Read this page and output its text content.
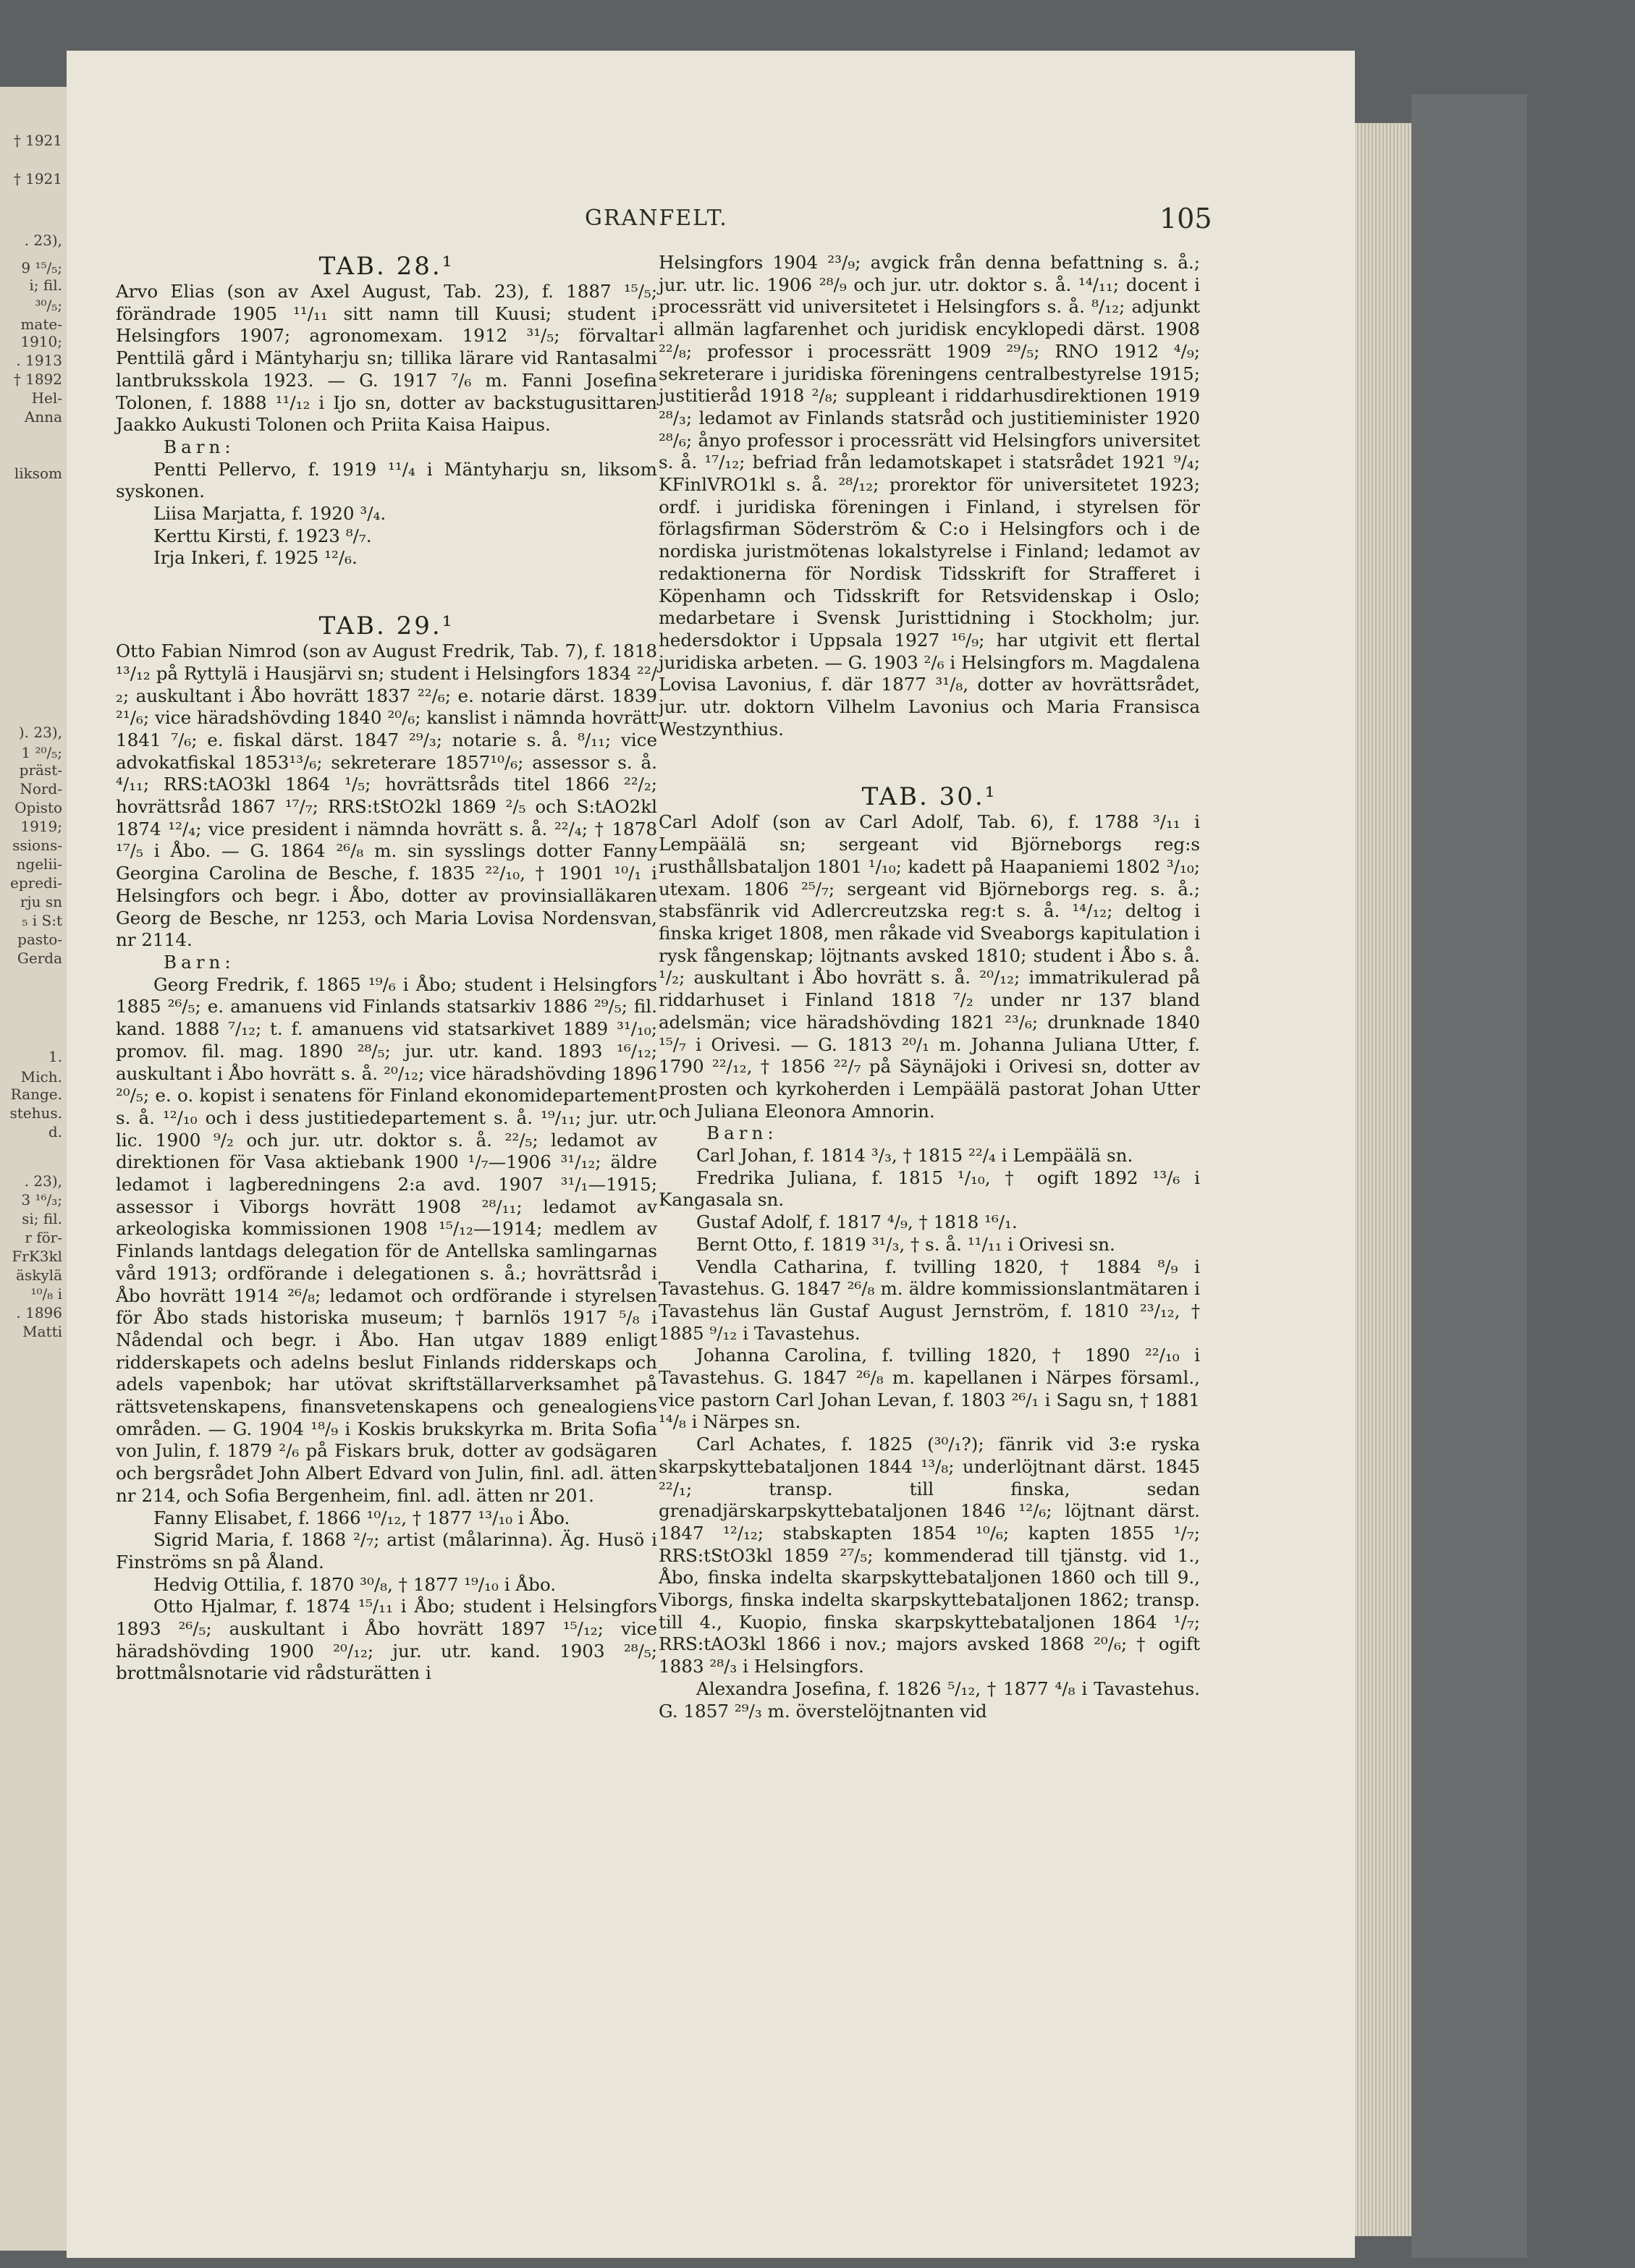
† 1921
† 1921
. 23),
9 ¹⁵/₅;
i; fil.
³⁰/₅;
mate-
1910;
. 1913
† 1892
Hel-
Anna
liksom
). 23),
1 ²⁰/₅;
präst-
Nord-
Opisto
1919;
ssions-
ngelii-
epredi-
rju sn
₅ i S:t
pasto-
Gerda
1.
Mich.
Range.
stehus.
d.
. 23),
3 ¹⁶/₃;
si; fil.
r för-
FrK3kl
äskylä
¹⁰/₈ i
. 1896
Matti
GRANFELT.	105

TAB. 28.¹

Arvo Elias (son av Axel August, Tab. 23), f. 1887 ¹⁵/₅; förändrade 1905 ¹¹/₁₁ sitt namn till Kuusi; student i Helsingfors 1907; agronomexam. 1912 ³¹/₅; förvaltar Penttilä gård i Mäntyharju sn; tillika lärare vid Rantasalmi lantbruksskola 1923. — G. 1917 ⁷/₆ m. Fanni Josefina Tolonen, f. 1888 ¹¹/₁₂ i Ijo sn, dotter av backstugusittaren Jaakko Aukusti Tolonen och Priita Kaisa Haipus.

Barn:

Pentti Pellervo, f. 1919 ¹¹/₄ i Mäntyharju sn, liksom syskonen.

Liisa Marjatta, f. 1920 ³/₄.

Kerttu Kirsti, f. 1923 ⁸/₇.

Irja Inkeri, f. 1925 ¹²/₆.

TAB. 29.¹

Otto Fabian Nimrod (son av August Fredrik, Tab. 7), f. 1818 ¹³/₁₂ på Ryttylä i Hausjärvi sn; student i Helsingfors 1834 ²²/₂; auskultant i Åbo hovrätt 1837 ²²/₆; e. notarie därst. 1839 ²¹/₆; vice häradshövding 1840 ²⁰/₆; kanslist i nämnda hovrätt 1841 ⁷/₆; e. fiskal därst. 1847 ²⁹/₃; notarie s. å. ⁸/₁₁; vice advokatfiskal 1853¹³/₆; sekreterare 1857¹⁰/₆; assessor s. å. ⁴/₁₁; RRS:tAO3kl 1864 ¹/₅; hovrättsråds titel 1866 ²²/₂; hovrättsråd 1867 ¹⁷/₇; RRS:tStO2kl 1869 ²/₅ och S:tAO2kl 1874 ¹²/₄; vice president i nämnda hovrätt s. å. ²²/₄; † 1878 ¹⁷/₅ i Åbo. — G. 1864 ²⁶/₈ m. sin sysslings dotter Fanny Georgina Carolina de Besche, f. 1835 ²²/₁₀, † 1901 ¹⁰/₁ i Helsingfors och begr. i Åbo, dotter av provinsialläkaren Georg de Besche, nr 1253, och Maria Lovisa Nordensvan, nr 2114.

Barn:

Georg Fredrik, f. 1865 ¹⁹/₆ i Åbo; student i Helsingfors 1885 ²⁶/₅; e. amanuens vid Finlands statsarkiv 1886 ²⁹/₅; fil. kand. 1888 ⁷/₁₂; t. f. amanuens vid statsarkivet 1889 ³¹/₁₀; promov. fil. mag. 1890 ²⁸/₅; jur. utr. kand. 1893 ¹⁶/₁₂; auskultant i Åbo hovrätt s. å. ²⁰/₁₂; vice häradshövding 1896 ²⁰/₅; e. o. kopist i senatens för Finland ekonomidepartement s. å. ¹²/₁₀ och i dess justitiedepartement s. å. ¹⁹/₁₁; jur. utr. lic. 1900 ⁹/₂ och jur. utr. doktor s. å. ²²/₅; ledamot av direktionen för Vasa aktiebank 1900 ¹/₇—1906 ³¹/₁₂; äldre ledamot i lagberedningens 2:a avd. 1907 ³¹/₁—1915; assessor i Viborgs hovrätt 1908 ²⁸/₁₁; ledamot av arkeologiska kommissionen 1908 ¹⁵/₁₂—1914; medlem av Finlands lantdags delegation för de Antellska samlingarnas vård 1913; ordförande i delegationen s. å.; hovrättsråd i Åbo hovrätt 1914 ²⁶/₈; ledamot och ordförande i styrelsen för Åbo stads historiska museum; † barnlös 1917 ⁵/₈ i Nådendal och begr. i Åbo. Han utgav 1889 enligt ridderskapets och adelns beslut Finlands ridderskaps och adels vapenbok; har utövat skriftställarverksamhet på rättsvetenskapens, finansvetenskapens och genealogiens områden. — G. 1904 ¹⁸/₉ i Koskis brukskyrka m. Brita Sofia von Julin, f. 1879 ²/₆ på Fiskars bruk, dotter av godsägaren och bergsrådet John Albert Edvard von Julin, finl. adl. ätten nr 214, och Sofia Bergenheim, finl. adl. ätten nr 201.

Fanny Elisabet, f. 1866 ¹⁰/₁₂, † 1877 ¹³/₁₀ i Åbo.

Sigrid Maria, f. 1868 ²/₇; artist (målarinna). Äg. Husö i Finströms sn på Åland.

Hedvig Ottilia, f. 1870 ³⁰/₈, † 1877 ¹⁹/₁₀ i Åbo.

Otto Hjalmar, f. 1874 ¹⁵/₁₁ i Åbo; student i Helsingfors 1893 ²⁶/₅; auskultant i Åbo hovrätt 1897 ¹⁵/₁₂; vice häradshövding 1900 ²⁰/₁₂; jur. utr. kand. 1903 ²⁸/₅; brottmålsnotarie vid rådsturätten i

Helsingfors 1904 ²³/₉; avgick från denna befattning s. å.; jur. utr. lic. 1906 ²⁸/₉ och jur. utr. doktor s. å. ¹⁴/₁₁; docent i processrätt vid universitetet i Helsingfors s. å. ⁸/₁₂; adjunkt i allmän lagfarenhet och juridisk encyklopedi därst. 1908 ²²/₈; professor i processrätt 1909 ²⁹/₅; RNO 1912 ⁴/₉; sekreterare i juridiska föreningens centralbestyrelse 1915; justitieråd 1918 ²/₈; suppleant i riddarhusdirektionen 1919 ²⁸/₃; ledamot av Finlands statsråd och justitieminister 1920 ²⁸/₆; ånyo professor i processrätt vid Helsingfors universitet s. å. ¹⁷/₁₂; befriad från ledamotskapet i statsrådet 1921 ⁹/₄; KFinlVRO1kl s. å. ²⁸/₁₂; prorektor för universitetet 1923; ordf. i juridiska föreningen i Finland, i styrelsen för förlagsfirman Söderström & C:o i Helsingfors och i de nordiska juristmötenas lokalstyrelse i Finland; ledamot av redaktionerna för Nordisk Tidsskrift for Strafferet i Köpenhamn och Tidsskrift for Retsvidenskap i Oslo; medarbetare i Svensk Juristtidning i Stockholm; jur. hedersdoktor i Uppsala 1927 ¹⁶/₉; har utgivit ett flertal juridiska arbeten. — G. 1903 ²/₆ i Helsingfors m. Magdalena Lovisa Lavonius, f. där 1877 ³¹/₈, dotter av hovrättsrådet, jur. utr. doktorn Vilhelm Lavonius och Maria Fransisca Westzynthius.

TAB. 30.¹

Carl Adolf (son av Carl Adolf, Tab. 6), f. 1788 ³/₁₁ i Lempäälä sn; sergeant vid Björneborgs reg:s rusthållsbataljon 1801 ¹/₁₀; kadett på Haapaniemi 1802 ³/₁₀; utexam. 1806 ²⁵/₇; sergeant vid Björneborgs reg. s. å.; stabsfänrik vid Adlercreutzska reg:t s. å. ¹⁴/₁₂; deltog i finska kriget 1808, men råkade vid Sveaborgs kapitulation i rysk fångenskap; löjtnants avsked 1810; student i Åbo s. å. ¹/₂; auskultant i Åbo hovrätt s. å. ²⁰/₁₂; immatrikulerad på riddarhuset i Finland 1818 ⁷/₂ under nr 137 bland adelsmän; vice häradshövding 1821 ²³/₆; drunknade 1840 ¹⁵/₇ i Orivesi. — G. 1813 ²⁰/₁ m. Johanna Juliana Utter, f. 1790 ²²/₁₂, † 1856 ²²/₇ på Säynäjoki i Orivesi sn, dotter av prosten och kyrkoherden i Lempäälä pastorat Johan Utter och Juliana Eleonora Amnorin.

Barn:

Carl Johan, f. 1814 ³/₃, † 1815 ²²/₄ i Lempäälä sn.

Fredrika Juliana, f. 1815 ¹/₁₀, † ogift 1892 ¹³/₆ i Kangasala sn.

Gustaf Adolf, f. 1817 ⁴/₉, † 1818 ¹⁶/₁.

Bernt Otto, f. 1819 ³¹/₃, † s. å. ¹¹/₁₁ i Orivesi sn.

Vendla Catharina, f. tvilling 1820, † 1884 ⁸/₉ i Tavastehus. G. 1847 ²⁶/₈ m. äldre kommissionslantmätaren i Tavastehus län Gustaf August Jernström, f. 1810 ²³/₁₂, † 1885 ⁹/₁₂ i Tavastehus.

Johanna Carolina, f. tvilling 1820, † 1890 ²²/₁₀ i Tavastehus. G. 1847 ²⁶/₈ m. kapellanen i Närpes församl., vice pastorn Carl Johan Levan, f. 1803 ²⁶/₁ i Sagu sn, † 1881 ¹⁴/₈ i Närpes sn.

Carl Achates, f. 1825 (³⁰/₁?); fänrik vid 3:e ryska skarpskyttebataljonen 1844 ¹³/₈; underlöjtnant därst. 1845 ²²/₁; transp. till finska, sedan grenadjärskarpskyttebataljonen 1846 ¹²/₆; löjtnant därst. 1847 ¹²/₁₂; stabskapten 1854 ¹⁰/₆; kapten 1855 ¹/₇; RRS:tStO3kl 1859 ²⁷/₅; kommenderad till tjänstg. vid 1., Åbo, finska indelta skarpskyttebataljonen 1860 och till 9., Viborgs, finska indelta skarpskyttebataljonen 1862; transp. till 4., Kuopio, finska skarpskyttebataljonen 1864 ¹/₇; RRS:tAO3kl 1866 i nov.; majors avsked 1868 ²⁰/₆; † ogift 1883 ²⁸/₃ i Helsingfors.

Alexandra Josefina, f. 1826 ⁵/₁₂, † 1877 ⁴/₈ i Tavastehus. G. 1857 ²⁹/₃ m. överstelöjtnanten vid
